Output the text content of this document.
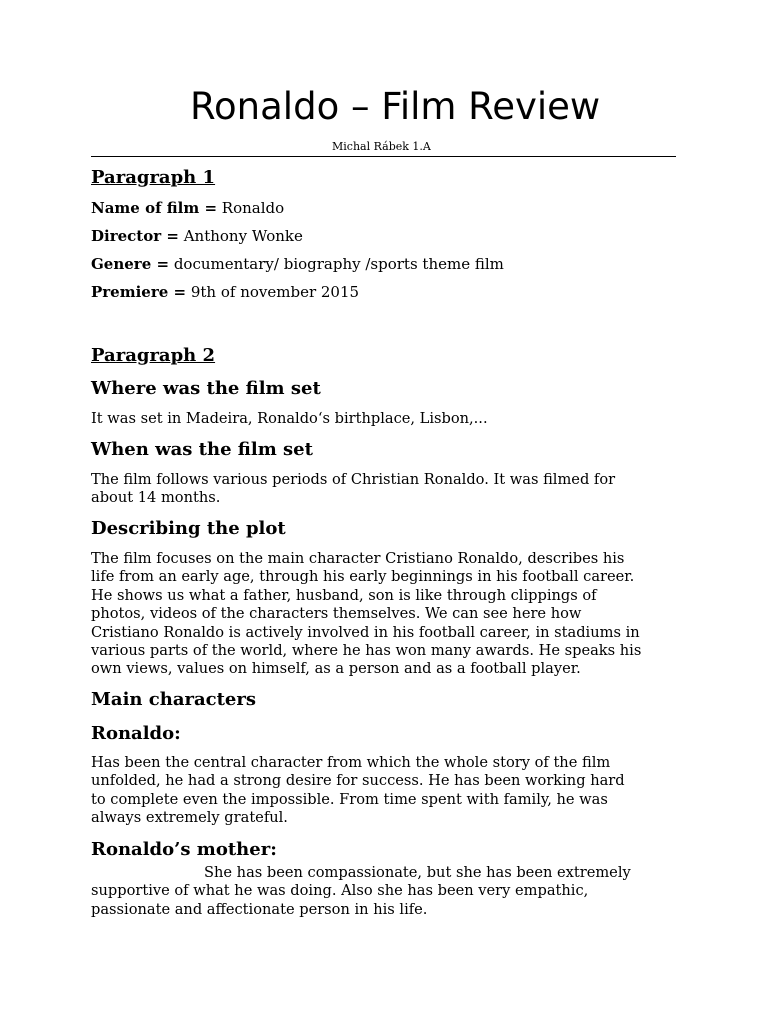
Ronaldo – Film Review
Michal Rábek 1.A
Paragraph 1
Name of film = Ronaldo
Director = Anthony Wonke
Genere = documentary/ biography /sports theme film
Premiere = 9th of november 2015
Paragraph 2
Where was the film set
It was set in Madeira, Ronaldo‘s birthplace, Lisbon,...
When was the film set
The film follows various periods of Christian Ronaldo. It was filmed for
about 14 months.
Describing the plot
The film focuses on the main character Cristiano Ronaldo, describes his
life from an early age, through his early beginnings in his football career.
He shows us what a father, husband, son is like through clippings of
photos, videos of the characters themselves. We can see here how
Cristiano Ronaldo is actively involved in his football career, in stadiums in
various parts of the world, where he has won many awards. He speaks his
own views, values on himself, as a person and as a football player.
Main characters
Ronaldo:
Has been the central character from which the whole story of the film
unfolded, he had a strong desire for success. He has been working hard
to complete even the impossible. From time spent with family, he was
always extremely grateful.
Ronaldo’s mother:
She has been compassionate, but she has been extremely
supportive of what he was doing. Also she has been very empathic,
passionate and affectionate person in his life.
